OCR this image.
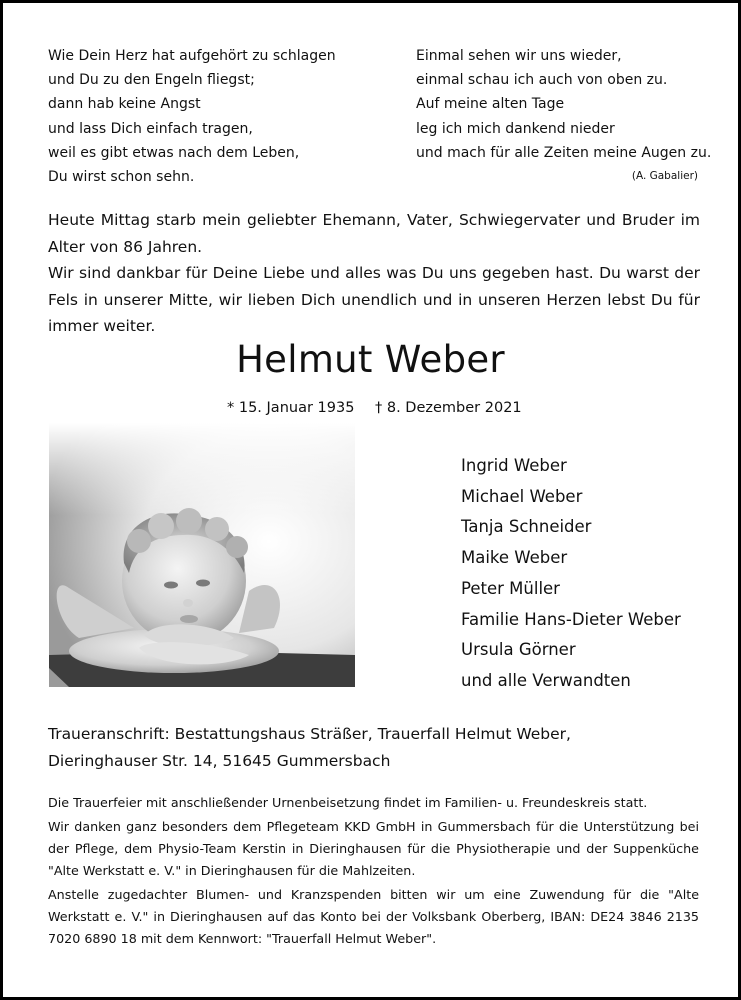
Wie Dein Herz hat aufgehört zu schlagen
und Du zu den Engeln fliegst;
dann hab keine Angst
und lass Dich einfach tragen,
weil es gibt etwas nach dem Leben,
Du wirst schon sehn.
Einmal sehen wir uns wieder,
einmal schau ich auch von oben zu.
Auf meine alten Tage
leg ich mich dankend nieder
und mach für alle Zeiten meine Augen zu.
(A. Gabalier)

Heute Mittag starb mein geliebter Ehemann, Vater, Schwiegervater und Bruder im Alter von 86 Jahren.

Wir sind dankbar für Deine Liebe und alles was Du uns gegeben hast. Du warst der Fels in unserer Mitte, wir lieben Dich unendlich und in unseren Herzen lebst Du für immer weiter.

Helmut Weber
* 15. Januar 1935 † 8. Dezember 2021
Ingrid Weber
Michael Weber
Tanja Schneider
Maike Weber
Peter Müller
Familie Hans-Dieter Weber
Ursula Görner
und alle Verwandten
Traueranschrift: Bestattungshaus Sträßer, Trauerfall Helmut Weber,
Dieringhauser Str. 14, 51645 Gummersbach

Die Trauerfeier mit anschließender Urnenbeisetzung findet im Familien- u. Freundeskreis statt.

Wir danken ganz besonders dem Pflegeteam KKD GmbH in Gummersbach für die Unterstützung bei der Pflege, dem Physio-Team Kerstin in Dieringhausen für die Physiotherapie und der Suppenküche "Alte Werkstatt e. V." in Dieringhausen für die Mahlzeiten.

Anstelle zugedachter Blumen- und Kranzspenden bitten wir um eine Zuwendung für die "Alte Werkstatt e. V." in Dieringhausen auf das Konto bei der Volksbank Oberberg, IBAN: DE24 3846 2135 7020 6890 18 mit dem Kennwort: "Trauerfall Helmut Weber".
